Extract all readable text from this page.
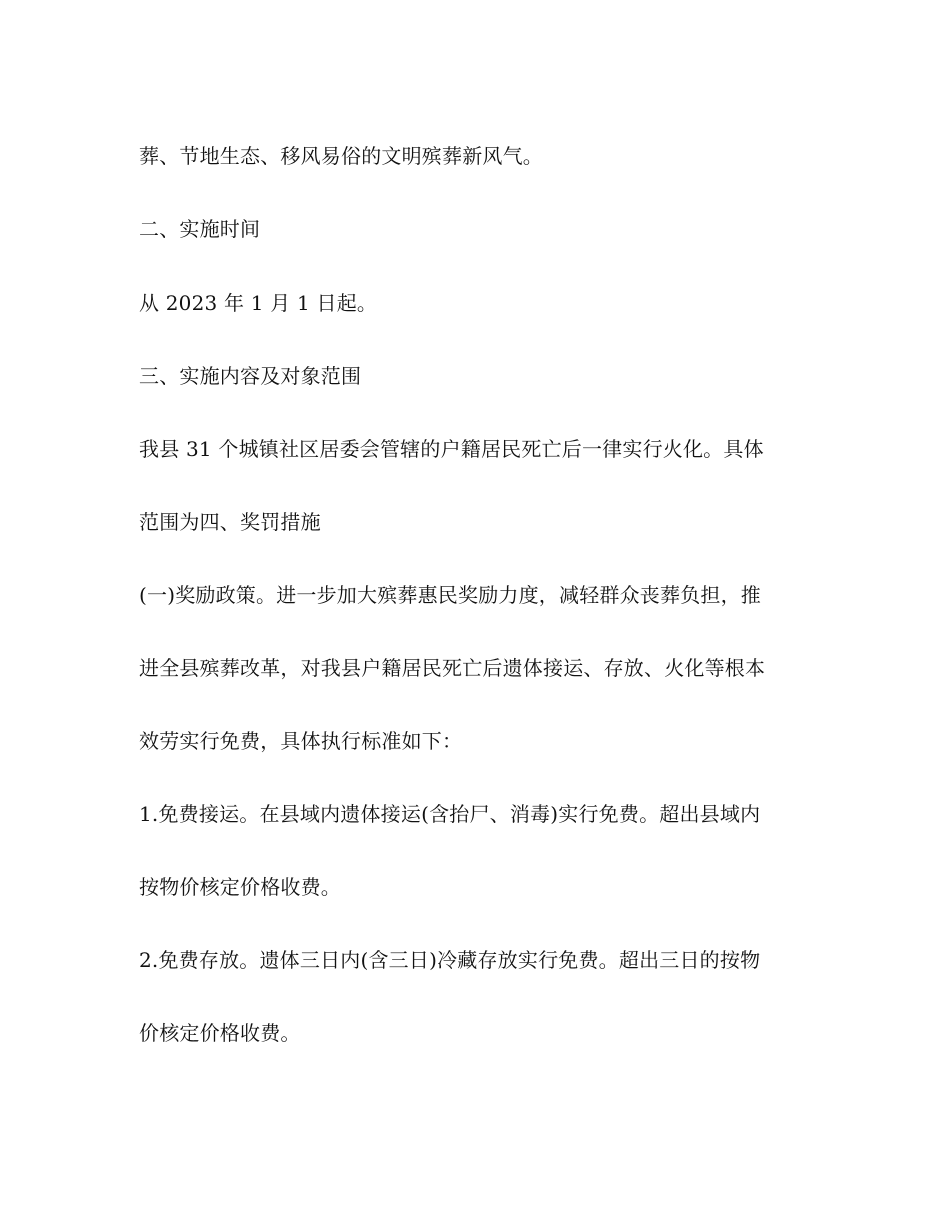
葬、节地生态、移风易俗的文明殡葬新风气。
二、实施时间
从 2023 年 1 月 1 日起。
三、实施内容及对象范围
我县 31 个城镇社区居委会管辖的户籍居民死亡后一律实行火化。具体
范围为四、奖罚措施
(一)奖励政策。进一步加大殡葬惠民奖励力度，减轻群众丧葬负担，推
进全县殡葬改革，对我县户籍居民死亡后遗体接运、存放、火化等根本
效劳实行免费，具体执行标准如下：
1.免费接运。在县域内遗体接运(含抬尸、消毒)实行免费。超出县域内
按物价核定价格收费。
2.免费存放。遗体三日内(含三日)冷藏存放实行免费。超出三日的按物
价核定价格收费。
